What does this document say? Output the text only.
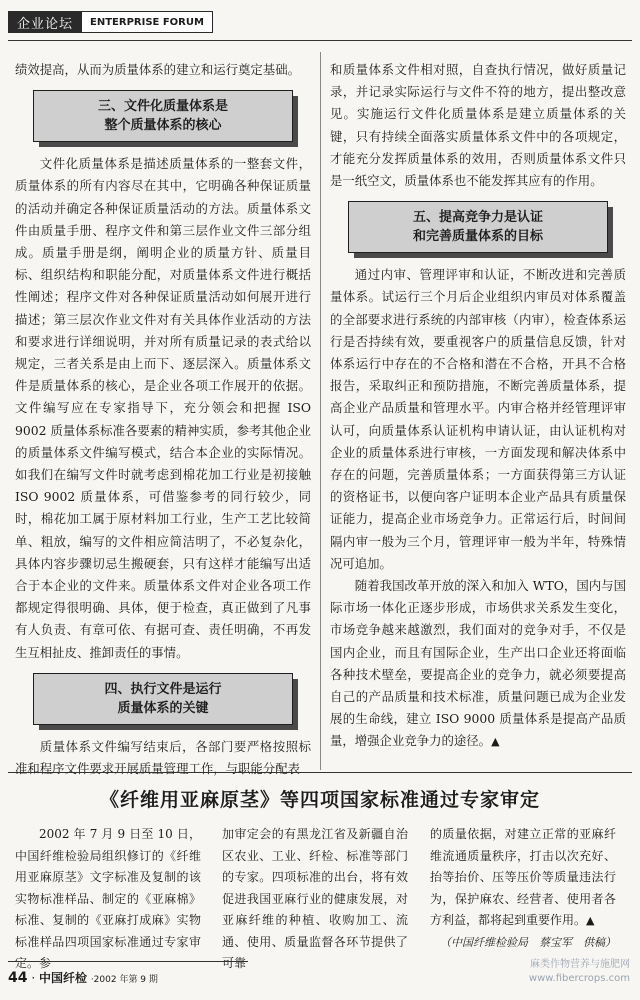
企业论坛	ENTERPRISE FORUM

绩效提高，从而为质量体系的建立和运行奠定基础。

三、文件化质量体系是
整个质量体系的核心

文件化质量体系是描述质量体系的一整套文件，质量体系的所有内容尽在其中，它明确各种保证质量的活动并确定各种保证质量活动的方法。质量体系文件由质量手册、程序文件和第三层作业文件三部分组成。质量手册是纲，阐明企业的质量方针、质量目标、组织结构和职能分配，对质量体系文件进行概括性阐述；程序文件对各种保证质量活动如何展开进行描述；第三层次作业文件对有关具体作业活动的方法和要求进行详细说明，并对所有质量记录的表式给以规定，三者关系是由上而下、逐层深入。质量体系文件是质量体系的核心，是企业各项工作展开的依据。文件编写应在专家指导下，充分领会和把握 ISO 9002 质量体系标准各要素的精神实质，参考其他企业的质量体系文件编写模式，结合本企业的实际情况。如我们在编写文件时就考虑到棉花加工行业是初接触 ISO 9002 质量体系，可借鉴参考的同行较少，同时，棉花加工属于原材料加工行业，生产工艺比较简单、粗放，编写的文件相应简洁明了，不必复杂化，具体内容步骤切忌生搬硬套，只有这样才能编写出适合于本企业的文件来。质量体系文件对企业各项工作都规定得很明确、具体，便于检查，真正做到了凡事有人负责、有章可依、有据可查、责任明确，不再发生互相扯皮、推卸责任的事情。

四、执行文件是运行
质量体系的关键

质量体系文件编写结束后，各部门要严格按照标准和程序文件要求开展质量管理工作，与职能分配表

和质量体系文件相对照，自查执行情况，做好质量记录，并记录实际运行与文件不符的地方，提出整改意见。实施运行文件化质量体系是建立质量体系的关键，只有持续全面落实质量体系文件中的各项规定，才能充分发挥质量体系的效用，否则质量体系文件只是一纸空文，质量体系也不能发挥其应有的作用。

五、提高竞争力是认证
和完善质量体系的目标

通过内审、管理评审和认证，不断改进和完善质量体系。试运行三个月后企业组织内审员对体系覆盖的全部要求进行系统的内部审核（内审），检查体系运行是否持续有效，要重视客户的质量信息反馈，针对体系运行中存在的不合格和潜在不合格，开具不合格报告，采取纠正和预防措施，不断完善质量体系，提高企业产品质量和管理水平。内审合格并经管理评审认可，向质量体系认证机构申请认证，由认证机构对企业的质量体系进行审核，一方面发现和解决体系中存在的问题，完善质量体系；一方面获得第三方认证的资格证书，以便向客户证明本企业产品具有质量保证能力，提高企业市场竞争力。正常运行后，时间间隔内审一般为三个月，管理评审一般为半年，特殊情况可追加。

随着我国改革开放的深入和加入 WTO，国内与国际市场一体化正逐步形成，市场供求关系发生变化，市场竞争越来越激烈，我们面对的竞争对手，不仅是国内企业，而且有国际企业，生产出口企业还将面临各种技术壁垒，要提高企业的竞争力，就必须要提高自己的产品质量和技术标准，质量问题已成为企业发展的生命线，建立 ISO 9000 质量体系是提高产品质量，增强企业竞争力的途径。▲

《纤维用亚麻原茎》等四项国家标准通过专家审定

2002 年 7 月 9 日至 10 日，中国纤维检验局组织修订的《纤维用亚麻原茎》文字标准及复制的该实物标准样品、制定的《亚麻棉》标准、复制的《亚麻打成麻》实物标准样品四项国家标准通过专家审定。参

加审定会的有黑龙江省及新疆自治区农业、工业、纤检、标准等部门的专家。四项标准的出台，将有效促进我国亚麻行业的健康发展，对亚麻纤维的种植、收购加工、流通、使用、质量监督各环节提供了可靠

的质量依据，对建立正常的亚麻纤维流通质量秩序，打击以次充好、抬等抬价、压等压价等质量违法行为，保护麻农、经营者、使用者各方利益，都将起到重要作用。▲

（中国纤维检验局　蔡宝军　供稿）
44 · 中国纤检 ·2002 年第 9 期
麻类作物营养与施肥网
www.fibercrops.com
